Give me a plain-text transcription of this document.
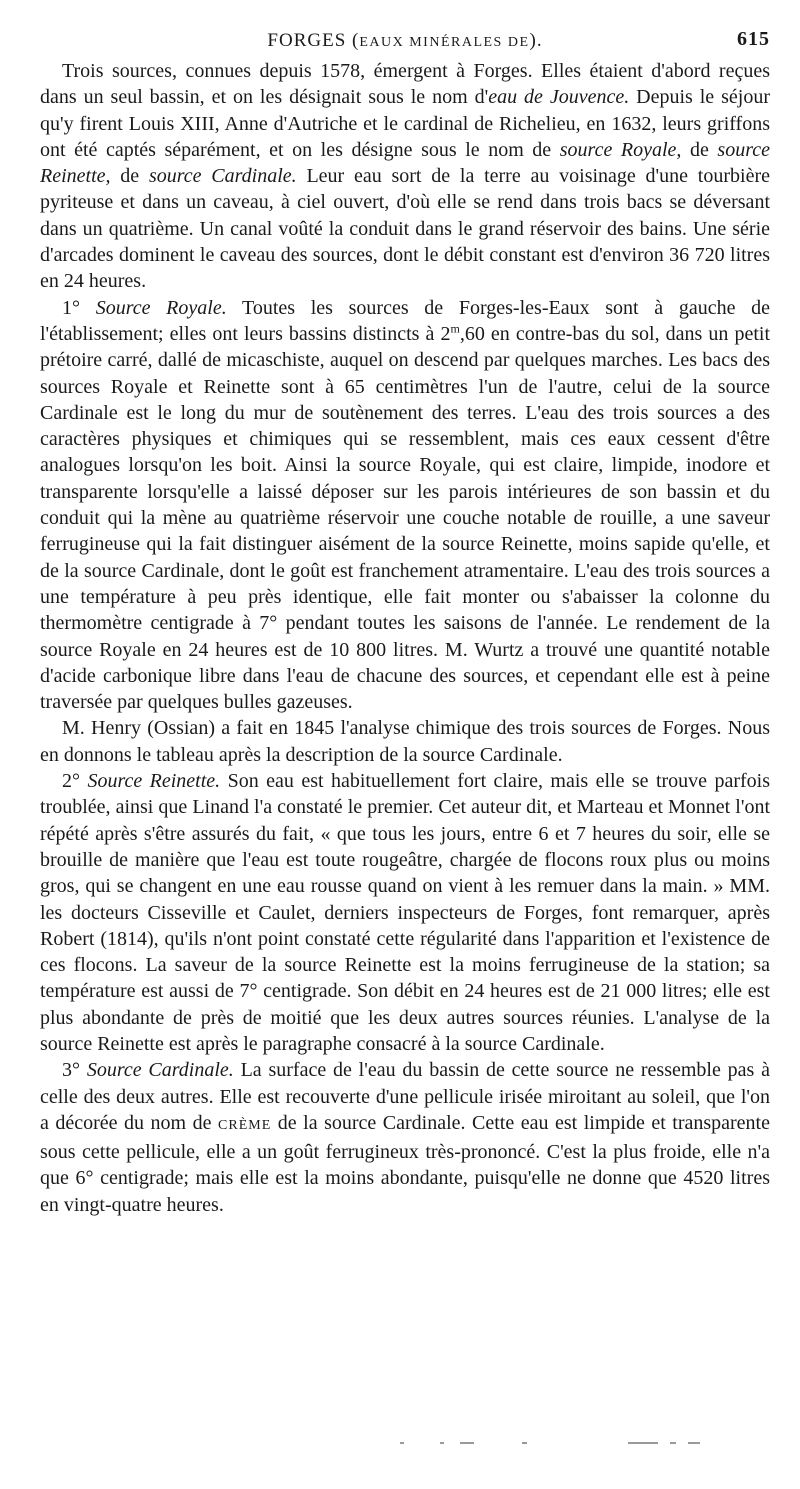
FORGES (EAUX MINÉRALES DE).	615

Trois sources, connues depuis 1578, émergent à Forges. Elles étaient d'abord reçues dans un seul bassin, et on les désignait sous le nom d'eau de Jouvence. Depuis le séjour qu'y firent Louis XIII, Anne d'Autriche et le cardinal de Richelieu, en 1632, leurs griffons ont été captés séparément, et on les désigne sous le nom de source Royale, de source Reinette, de source Cardinale. Leur eau sort de la terre au voisinage d'une tourbière pyriteuse et dans un caveau, à ciel ouvert, d'où elle se rend dans trois bacs se déversant dans un quatrième. Un canal voûté la conduit dans le grand réservoir des bains. Une série d'arcades dominent le caveau des sources, dont le débit constant est d'environ 36 720 litres en 24 heures.

1° Source Royale. Toutes les sources de Forges-les-Eaux sont à gauche de l'établissement; elles ont leurs bassins distincts à 2$^m$,60 en contre-bas du sol, dans un petit prétoire carré, dallé de micaschiste, auquel on descend par quelques marches. Les bacs des sources Royale et Reinette sont à 65 centimètres l'un de l'autre, celui de la source Cardinale est le long du mur de soutènement des terres. L'eau des trois sources a des caractères physiques et chimiques qui se ressemblent, mais ces eaux cessent d'être analogues lorsqu'on les boit. Ainsi la source Royale, qui est claire, limpide, inodore et transparente lorsqu'elle a laissé déposer sur les parois intérieures de son bassin et du conduit qui la mène au quatrième réservoir une couche notable de rouille, a une saveur ferrugineuse qui la fait distinguer aisément de la source Reinette, moins sapide qu'elle, et de la source Cardinale, dont le goût est franchement atramentaire. L'eau des trois sources a une température à peu près identique, elle fait monter ou s'abaisser la colonne du thermomètre centigrade à 7° pendant toutes les saisons de l'année. Le rendement de la source Royale en 24 heures est de 10 800 litres. M. Wurtz a trouvé une quantité notable d'acide carbonique libre dans l'eau de chacune des sources, et cependant elle est à peine traversée par quelques bulles gazeuses.

M. Henry (Ossian) a fait en 1845 l'analyse chimique des trois sources de Forges. Nous en donnons le tableau après la description de la source Cardinale.

2° Source Reinette. Son eau est habituellement fort claire, mais elle se trouve parfois troublée, ainsi que Linand l'a constaté le premier. Cet auteur dit, et Marteau et Monnet l'ont répété après s'être assurés du fait, « que tous les jours, entre 6 et 7 heures du soir, elle se brouille de manière que l'eau est toute rougeâtre, chargée de flocons roux plus ou moins gros, qui se changent en une eau rousse quand on vient à les remuer dans la main. » MM. les docteurs Cisseville et Caulet, derniers inspecteurs de Forges, font remarquer, après Robert (1814), qu'ils n'ont point constaté cette régularité dans l'apparition et l'existence de ces flocons. La saveur de la source Reinette est la moins ferrugineuse de la station; sa température est aussi de 7° centigrade. Son débit en 24 heures est de 21 000 litres; elle est plus abondante de près de moitié que les deux autres sources réunies. L'analyse de la source Reinette est après le paragraphe consacré à la source Cardinale.

3° Source Cardinale. La surface de l'eau du bassin de cette source ne ressemble pas à celle des deux autres. Elle est recouverte d'une pellicule irisée miroitant au soleil, que l'on a décorée du nom de CRÈME de la source Cardinale. Cette eau est limpide et transparente sous cette pellicule, elle a un goût ferrugineux très-prononcé. C'est la plus froide, elle n'a que 6° centigrade; mais elle est la moins abondante, puisqu'elle ne donne que 4520 litres en vingt-quatre heures.
